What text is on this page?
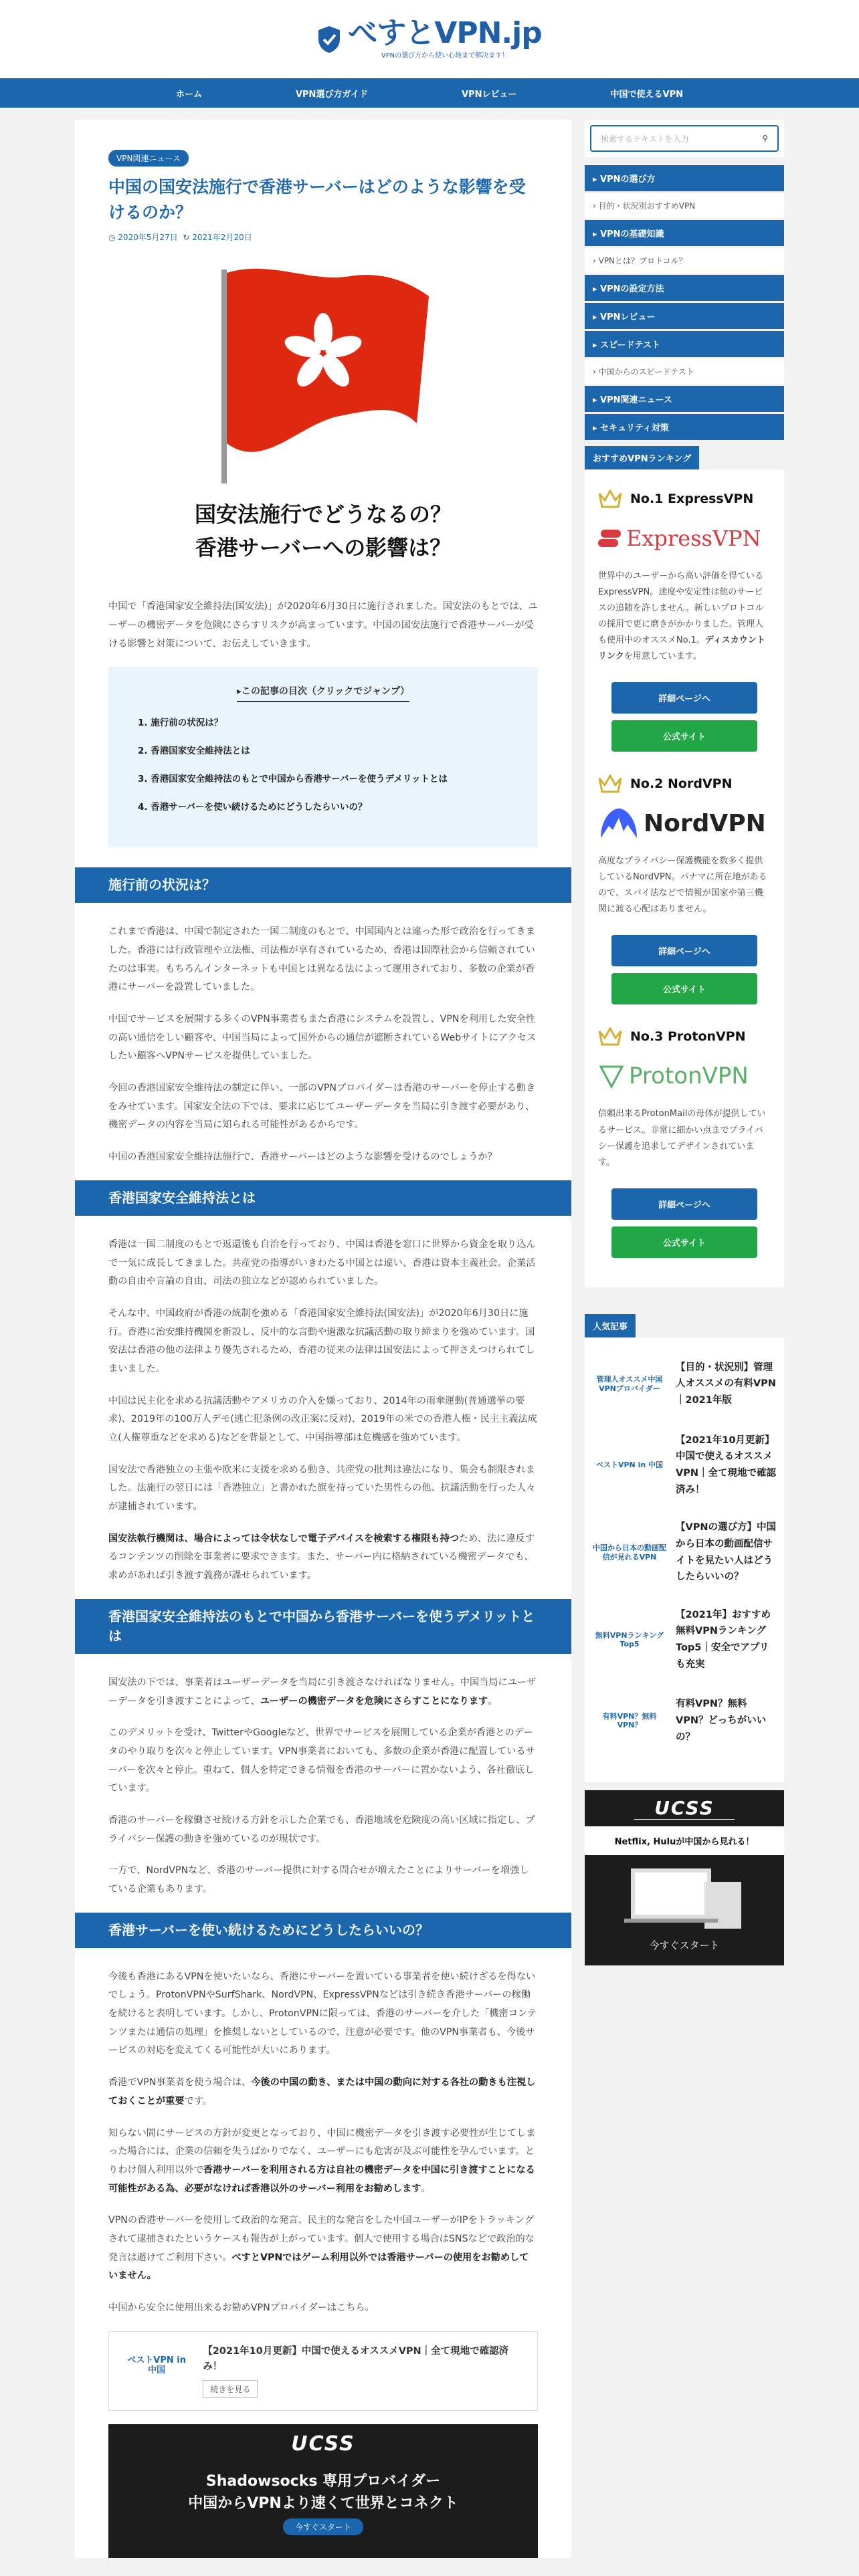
べすとVPN.jp
VPNの選び方から使い心地まで解決ます！
ホーム	VPN選び方ガイド	VPNレビュー	中国で使えるVPN
VPN関連ニュース
中国の国安法施行で香港サーバーはどのような影響を受けるのか？
◷ 2020年5月27日  ↻ 2021年2月20日
国安法施行でどうなるの？
香港サーバーへの影響は？

中国で「香港国家安全維持法(国安法)」が2020年6月30日に施行されました。国安法のもとでは、ユーザーの機密データを危険にさらすリスクが高まっています。中国の国安法施行で香港サーバーが受ける影響と対策について、お伝えしていきます。

▸この記事の目次（クリックでジャンプ）
1. 施行前の状況は？
2. 香港国家安全維持法とは
3. 香港国家安全維持法のもとで中国から香港サーバーを使うデメリットとは
4. 香港サーバーを使い続けるためにどうしたらいいの？
施行前の状況は？

これまで香港は、中国で制定された一国二制度のもとで、中国国内とは違った形で政治を行ってきました。香港には行政管理や立法権、司法権が享有されているため、香港は国際社会から信頼されていたのは事実。もちろんインターネットも中国とは異なる法によって運用されており、多数の企業が香港にサーバーを設置していました。

中国でサービスを展開する多くのVPN事業者もまた香港にシステムを設置し、VPNを利用した安全性の高い通信をしい顧客や、中国当局によって国外からの通信が遮断されているWebサイトにアクセスしたい顧客へVPNサービスを提供していました。

今回の香港国家安全維持法の制定に伴い、一部のVPNプロバイダーは香港のサーバーを停止する動きをみせています。国家安全法の下では、要求に応じてユーザーデータを当局に引き渡す必要があり、機密データの内容を当局に知られる可能性があるからです。

中国の香港国家安全維持法施行で、香港サーバーはどのような影響を受けるのでしょうか？

香港国家安全維持法とは

香港は一国二制度のもとで返還後も自治を行っており、中国は香港を窓口に世界から資金を取り込んで一気に成長してきました。共産党の指導がいきわたる中国とは違い、香港は資本主義社会。企業活動の自由や言論の自由、司法の独立などが認められていました。

そんな中、中国政府が香港の統制を強める「香港国家安全維持法(国安法)」が2020年6月30日に施行。香港に治安維持機関を新設し、反中的な言動や過激な抗議活動の取り締まりを強めています。国安法は香港の他の法律より優先されるため、香港の従来の法律は国安法によって押さえつけられてしまいました。

中国は民主化を求める抗議活動やアメリカの介入を嫌っており、2014年の雨傘運動(普通選挙の要求)、2019年の100万人デモ(逃亡犯条例の改正案に反対)、2019年の米での香港人権・民主主義法成立(人権尊重などを求める)などを背景として、中国指導部は危機感を強めています。

国安法で香港独立の主張や欧米に支援を求める動き、共産党の批判は違法になり、集会も制限されました。法施行の翌日には「香港独立」と書かれた旗を持っていた男性らの他、抗議活動を行った人々が逮捕されています。

国安法執行機関は、場合によっては令状なしで電子デバイスを検索する権限も持つため、法に違反するコンテンツの削除を事業者に要求できます。また、サーバー内に格納されている機密データでも、求めがあれば引き渡す義務が課せられています。

香港国家安全維持法のもとで中国から香港サーバーを使うデメリットとは

国安法の下では、事業者はユーザーデータを当局に引き渡さなければなりません。中国当局にユーザーデータを引き渡すことによって、ユーザーの機密データを危険にさらすことになります。

このデメリットを受け、TwitterやGoogleなど、世界でサービスを展開している企業が香港とのデータのやり取りを次々と停止しています。VPN事業者においても、多数の企業が香港に配置しているサーバーを次々と停止。重ねて、個人を特定できる情報を香港のサーバーに置かないよう、各社徹底しています。

香港のサーバーを稼働させ続ける方針を示した企業でも、香港地域を危険度の高い区域に指定し、プライバシー保護の動きを強めているのが現状です。

一方で、NordVPNなど、香港のサーバー提供に対する問合せが増えたことによりサーバーを増強している企業もあります。

香港サーバーを使い続けるためにどうしたらいいの？

今後も香港にあるVPNを使いたいなら、香港にサーバーを置いている事業者を使い続けざるを得ないでしょう。ProtonVPNやSurfShark、NordVPN、ExpressVPNなどは引き続き香港サーバーの稼働を続けると表明しています。しかし、ProtonVPNに限っては、香港のサーバーを介した「機密コンテンツまたは通信の処理」を推奨しないとしているので、注意が必要です。他のVPN事業者も、今後サービスの対応を変えてくる可能性が大いにあります。

香港でVPN事業者を使う場合は、今後の中国の動き、または中国の動向に対する各社の動きも注視しておくことが重要です。

知らない間にサービスの方針が変更となっており、中国に機密データを引き渡す必要性が生じてしまった場合には、企業の信頼を失うばかりでなく、ユーザーにも危害が及ぶ可能性を孕んでいます。とりわけ個人利用以外で香港サーバーを利用される方は自社の機密データを中国に引き渡すことになる可能性がある為、必要がなければ香港以外のサーバー利用をお勧めします。

VPNの香港サーバーを使用して政治的な発言、民主的な発言をした中国ユーザーがIPをトラッキングされて逮捕されたというケースも報告が上がっています。個人で使用する場合はSNSなどで政治的な発言は避けてご利用下さい。べすとVPNではゲーム利用以外では香港サーバーの使用をお勧めしていません。

中国から安全に使用出来るお勧めVPNプロバイダーはこちら。

ベストVPN in 中国
【2021年10月更新】中国で使えるオススメVPN｜全て現地で確認済み！
続きを見る
UCSS
Shadowsocks 専用プロバイダー
中国からVPNより速くて世界とコネクト
今すぐスタート
検索するテキストを入力	⚲
▸ VPNの選び方
› 目的・状況別おすすめVPN
▸ VPNの基礎知識
› VPNとは？プロトコル？
▸ VPNの設定方法
▸ VPNレビュー
▸ スピードテスト
› 中国からのスピードテスト
▸ VPN関連ニュース
▸ セキュリティ対策
おすすめVPNランキング
No.1 ExpressVPN
ExpressVPN
世界中のユーザーから高い評価を得ているExpressVPN。速度や安定性は他のサービスの追随を許しません。新しいプロトコルの採用で更に磨きがかかりました。管理人も使用中のオススメNo.1。ディスカウントリンクを用意しています。
詳細ページへ
公式サイト
No.2 NordVPN
NordVPN
高度なプライバシー保護機能を数多く提供しているNordVPN。パナマに所在地があるので、スパイ法などで情報が国家や第三機関に渡る心配はありません。
詳細ページへ
公式サイト
No.3 ProtonVPN
ProtonVPN
信頼出来るProtonMailの母体が提供しているサービス。非常に細かい点までプライバシー保護を追求してデザインされています。
詳細ページへ
公式サイト
人気記事
管理人オススメ中国VPNプロバイダー
【目的・状況別】管理人オススメの有料VPN｜2021年版
ベストVPN in 中国
【2021年10月更新】中国で使えるオススメVPN｜全て現地で確認済み！
中国から日本の動画配信が見れるVPN
【VPNの選び方】中国から日本の動画配信サイトを見たい人はどうしたらいいの？
無料VPNランキング Top5
【2021年】おすすめ無料VPNランキング Top5｜安全でアプリも充実
有料VPN？無料VPN？
有料VPN？無料VPN？どっちがいいの？
UCSS
Netflix, Huluが中国から見れる！
今すぐスタート
